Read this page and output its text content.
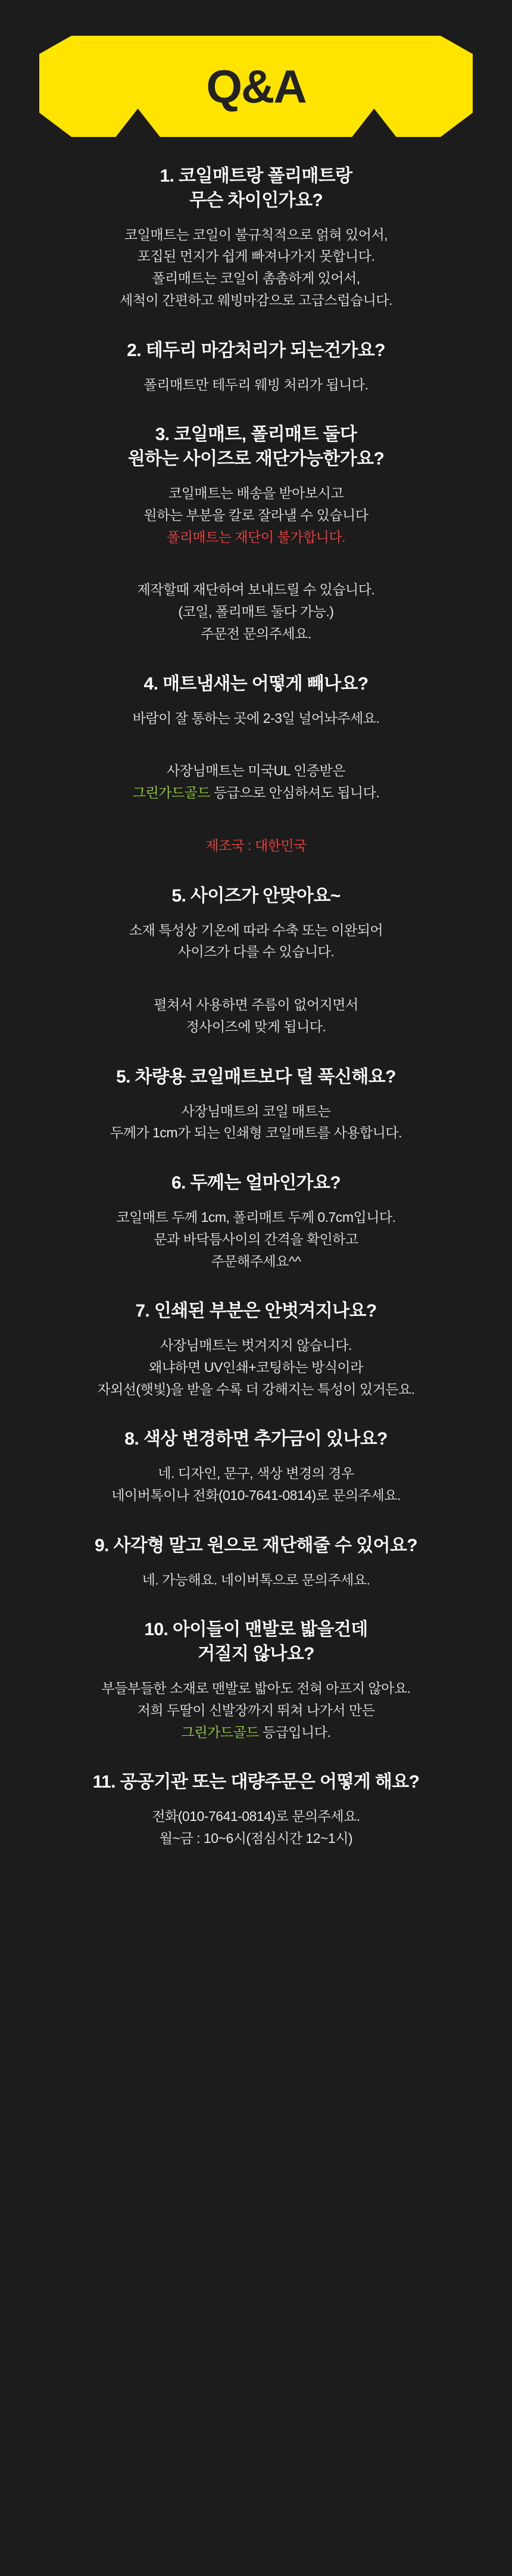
Q&A
1. 코일매트랑 폴리매트랑
무슨 차이인가요?

코일매트는 코일이 불규칙적으로 얽혀 있어서,

포집된 먼지가 쉽게 빠져나가지 못합니다.

폴리매트는 코일이 촘촘하게 있어서,

세척이 간편하고 웨빙마감으로 고급스럽습니다.

2. 테두리 마감처리가 되는건가요?

폴리매트만 테두리 웨빙 처리가 됩니다.

3. 코일매트, 폴리매트 둘다
원하는 사이즈로 재단가능한가요?

코일매트는 배송을 받아보시고

원하는 부분을 칼로 잘라낼 수 있습니다

폴리매트는 재단이 불가합니다.

제작할때 재단하여 보내드릴 수 있습니다.

(코일, 폴리매트 둘다 가능.)

주문전 문의주세요.

4. 매트냄새는 어떻게 빼나요?

바람이 잘 통하는 곳에 2-3일 널어놔주세요.

사장님매트는 미국UL 인증받은

그린가드골드 등급으로 안심하셔도 됩니다.

제조국 : 대한민국

5. 사이즈가 안맞아요~

소재 특성상 기온에 따라 수축 또는 이완되어

사이즈가 다를 수 있습니다.

펼쳐서 사용하면 주름이 없어지면서

정사이즈에 맞게 됩니다.

5. 차량용 코일매트보다 덜 푹신해요?

사장님매트의 코일 매트는

두께가 1cm가 되는 인쇄형 코일매트를 사용합니다.

6. 두께는 얼마인가요?

코일매트 두께 1cm, 폴리매트 두께 0.7cm입니다.

문과 바닥틈사이의 간격을 확인하고

주문해주세요^^

7. 인쇄된 부분은 안벗겨지나요?

사장님매트는 벗겨지지 않습니다.

왜냐하면 UV인쇄+코팅하는 방식이라

자외선(햇빛)을 받을 수록 더 강해지는 특성이 있거든요.

8. 색상 변경하면 추가금이 있나요?

네. 디자인, 문구, 색상 변경의 경우

네이버톡이나 전화(010-7641-0814)로 문의주세요.

9. 사각형 말고 원으로 재단해줄 수 있어요?

네. 가능해요. 네이버톡으로 문의주세요.

10. 아이들이 맨발로 밟을건데
거질지 않나요?

부들부들한 소재로 맨발로 밟아도 전혀 아프지 않아요.

저희 두딸이 신발장까지 뛰쳐 나가서 만든

그린가드골드 등급입니다.

11. 공공기관 또는 대량주문은 어떻게 해요?

전화(010-7641-0814)로 문의주세요.

월~금 : 10~6시(점심시간 12~1시)
